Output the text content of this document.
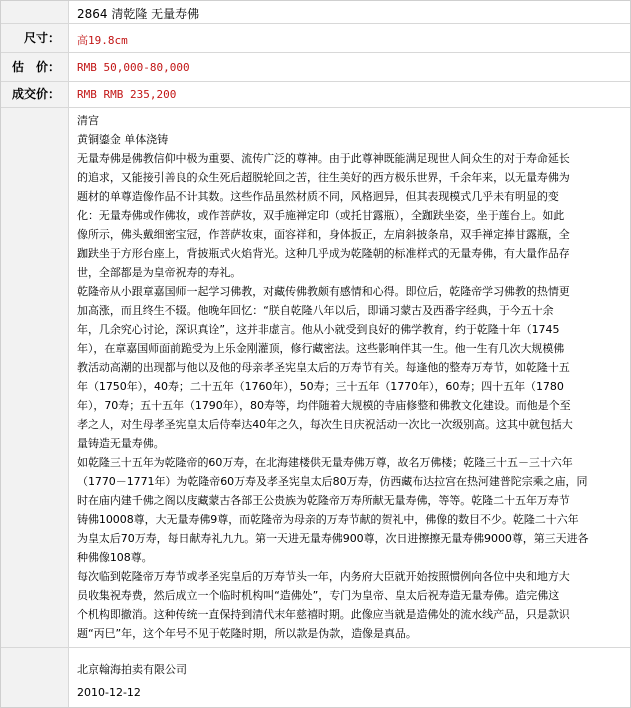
2864 清乾隆 无量寿佛
尺寸：	高19.8cm
估　价：	RMB 50,000-80,000
成交价：	RMB RMB 235,200
清宫
黄铜鎏金 单体浇铸
无量寿佛是佛教信仰中极为重要、流传广泛的尊神。由于此尊神既能满足现世人间众生的对于寿命延长
的追求，又能接引善良的众生死后超脱轮回之苦，往生美好的西方极乐世界，千余年来，以无量寿佛为
题材的单尊造像作品不计其数。这些作品虽然材质不同，风格迥异，但其表现模式几乎未有明显的变
化：无量寿佛或作佛妆，或作菩萨妆，双手施禅定印（或托甘露瓶），全跏趺坐姿，坐于莲台上。如此
像所示，佛头戴细密宝冠，作菩萨妆束，面容祥和，身体扳正，左肩斜披条帛，双手禅定捧甘露瓶，全
跏趺坐于方形台座上，背披瓶式火焰背光。这种几乎成为乾隆朝的标准样式的无量寿佛，有大量作品存
世，全部都是为皇帝祝寿的寿礼。
乾隆帝从小跟章嘉国师一起学习佛教，对藏传佛教颇有感情和心得。即位后，乾隆帝学习佛教的热情更
加高涨，而且终生不辍。他晚年回忆：“朕自乾隆八年以后，即诵习蒙古及西番字经典，于今五十余
年，几余究心讨论，深识真诠”，这并非虚言。他从小就受到良好的佛学教育，约于乾隆十年（1745
年），在章嘉国师面前跪受为上乐金刚灌顶，修行藏密法。这些影响伴其一生。他一生有几次大规模佛
教活动高潮的出现都与他以及他的母亲孝圣宪皇太后的万寿节有关。每逢他的整寿万寿节，如乾隆十五
年（1750年），40寿；二十五年（1760年），50寿；三十五年（1770年），60寿；四十五年（1780
年），70寿；五十五年（1790年），80寿等，均伴随着大规模的寺庙修整和佛教文化建设。而他是个至
孝之人，对生母孝圣宪皇太后侍奉达40年之久，每次生日庆祝活动一次比一次级别高。这其中就包括大
量铸造无量寿佛。
如乾隆三十五年为乾隆帝的60万寿，在北海建楼供无量寿佛万尊，故名万佛楼；乾隆三十五－三十六年
（1770－1771年）为乾隆帝60万寿及孝圣宪皇太后80万寿，仿西藏布达拉宫在热河建普陀宗乘之庙，同
时在庙内建千佛之阁以庋藏蒙古各部王公贵族为乾隆帝万寿所献无量寿佛，等等。乾隆二十五年万寿节
铸佛10008尊，大无量寿佛9尊，而乾隆帝为母亲的万寿节献的贺礼中，佛像的数目不少。乾隆二十六年
为皇太后70万寿，每日献寿礼九九。第一天进无量寿佛900尊，次日进擦擦无量寿佛9000尊，第三天进各
种佛像108尊。
每次临到乾隆帝万寿节或孝圣宪皇后的万寿节头一年，内务府大臣就开始按照惯例向各位中央和地方大
员收集祝寿费，然后成立一个临时机构叫“造佛处”，专门为皇帝、皇太后祝寿造无量寿佛。造完佛这
个机构即撤消。这种传统一直保持到清代末年慈禧时期。此像应当就是造佛处的流水线产品，只是款识
题“丙巳”年，这个年号不见于乾隆时期，所以款是伪款，造像是真品。
北京翰海拍卖有限公司
2010-12-12
